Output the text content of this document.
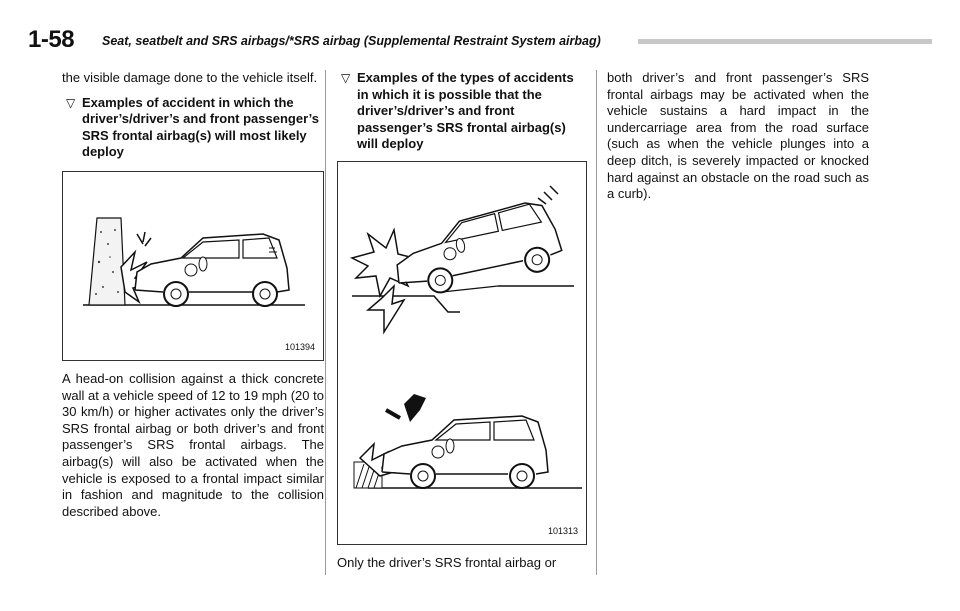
1-58 Seat, seatbelt and SRS airbags/*SRS airbag (Supplemental Restraint System airbag)

the visible damage done to the vehicle itself.

▽ Examples of accident in which the driver’s/driver’s and front passenger’s SRS frontal airbag(s) will most likely deploy
101394

A head-on collision against a thick concrete wall at a vehicle speed of 12 to 19 mph (20 to 30 km/h) or higher activates only the driver’s SRS frontal airbag or both driver’s and front passenger’s SRS frontal airbags. The airbag(s) will also be activated when the vehicle is exposed to a frontal impact similar in fashion and magnitude to the collision described above.

▽ Examples of the types of accidents in which it is possible that the driver’s/driver’s and front passenger’s SRS frontal airbag(s) will deploy
101313

Only the driver’s SRS frontal airbag or

both driver’s and front passenger’s SRS frontal airbags may be activated when the vehicle sustains a hard impact in the undercarriage area from the road surface (such as when the vehicle plunges into a deep ditch, is severely impacted or knocked hard against an obstacle on the road such as a curb).
